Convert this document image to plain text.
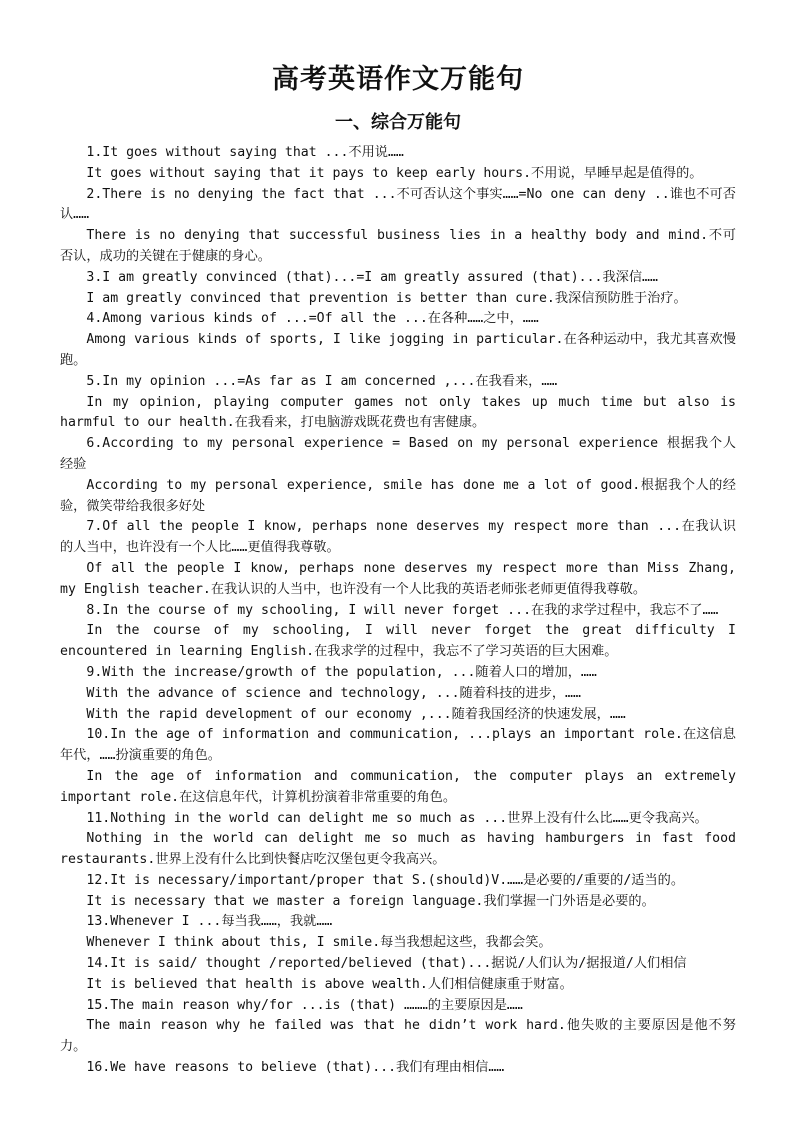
高考英语作文万能句
一、综合万能句

1.It goes without saying that ...不用说……

It goes without saying that it pays to keep early hours.不用说，早睡早起是值得的。

2.There is no denying the fact that ...不可否认这个事实……=No one can deny ..谁也不可否认……

There is no denying that successful business lies in a healthy body and mind.不可否认，成功的关键在于健康的身心。

3.I am greatly convinced (that)...=I am greatly assured (that)...我深信……

I am greatly convinced that prevention is better than cure.我深信预防胜于治疗。

4.Among various kinds of ...=Of all the ...在各种……之中，……

Among various kinds of sports, I like jogging in particular.在各种运动中，我尤其喜欢慢跑。

5.In my opinion ...=As far as I am concerned ,...在我看来，……

In my opinion, playing computer games not only takes up much time but also is harmful to our health.在我看来，打电脑游戏既花费也有害健康。

6.According to my personal experience = Based on my personal experience 根据我个人经验

According to my personal experience, smile has done me a lot of good.根据我个人的经验，微笑带给我很多好处

7.Of all the people I know, perhaps none deserves my respect more than ...在我认识的人当中，也许没有一个人比……更值得我尊敬。

Of all the people I know, perhaps none deserves my respect more than Miss Zhang, my English teacher.在我认识的人当中，也许没有一个人比我的英语老师张老师更值得我尊敬。

8.In the course of my schooling, I will never forget ...在我的求学过程中，我忘不了……

In the course of my schooling, I will never forget the great difficulty I encountered in learning English.在我求学的过程中，我忘不了学习英语的巨大困难。

9.With the increase/growth of the population, ...随着人口的增加，……

With the advance of science and technology, ...随着科技的进步，……

With the rapid development of our economy ,...随着我国经济的快速发展，……

10.In the age of information and communication, ...plays an important role.在这信息年代，……扮演重要的角色。

In the age of information and communication, the computer plays an extremely important role.在这信息年代，计算机扮演着非常重要的角色。

11.Nothing in the world can delight me so much as ...世界上没有什么比……更令我高兴。

Nothing in the world can delight me so much as having hamburgers in fast food restaurants.世界上没有什么比到快餐店吃汉堡包更令我高兴。

12.It is necessary/important/proper that S.(should)V.……是必要的/重要的/适当的。

It is necessary that we master a foreign language.我们掌握一门外语是必要的。

13.Whenever I ...每当我……，我就……

Whenever I think about this, I smile.每当我想起这些，我都会笑。

14.It is said/ thought /reported/believed (that)...据说/人们认为/据报道/人们相信

It is believed that health is above wealth.人们相信健康重于财富。

15.The main reason why/for ...is (that) ………的主要原因是……

The main reason why he failed was that he didn’t work hard.他失败的主要原因是他不努力。

16.We have reasons to believe (that)...我们有理由相信……
